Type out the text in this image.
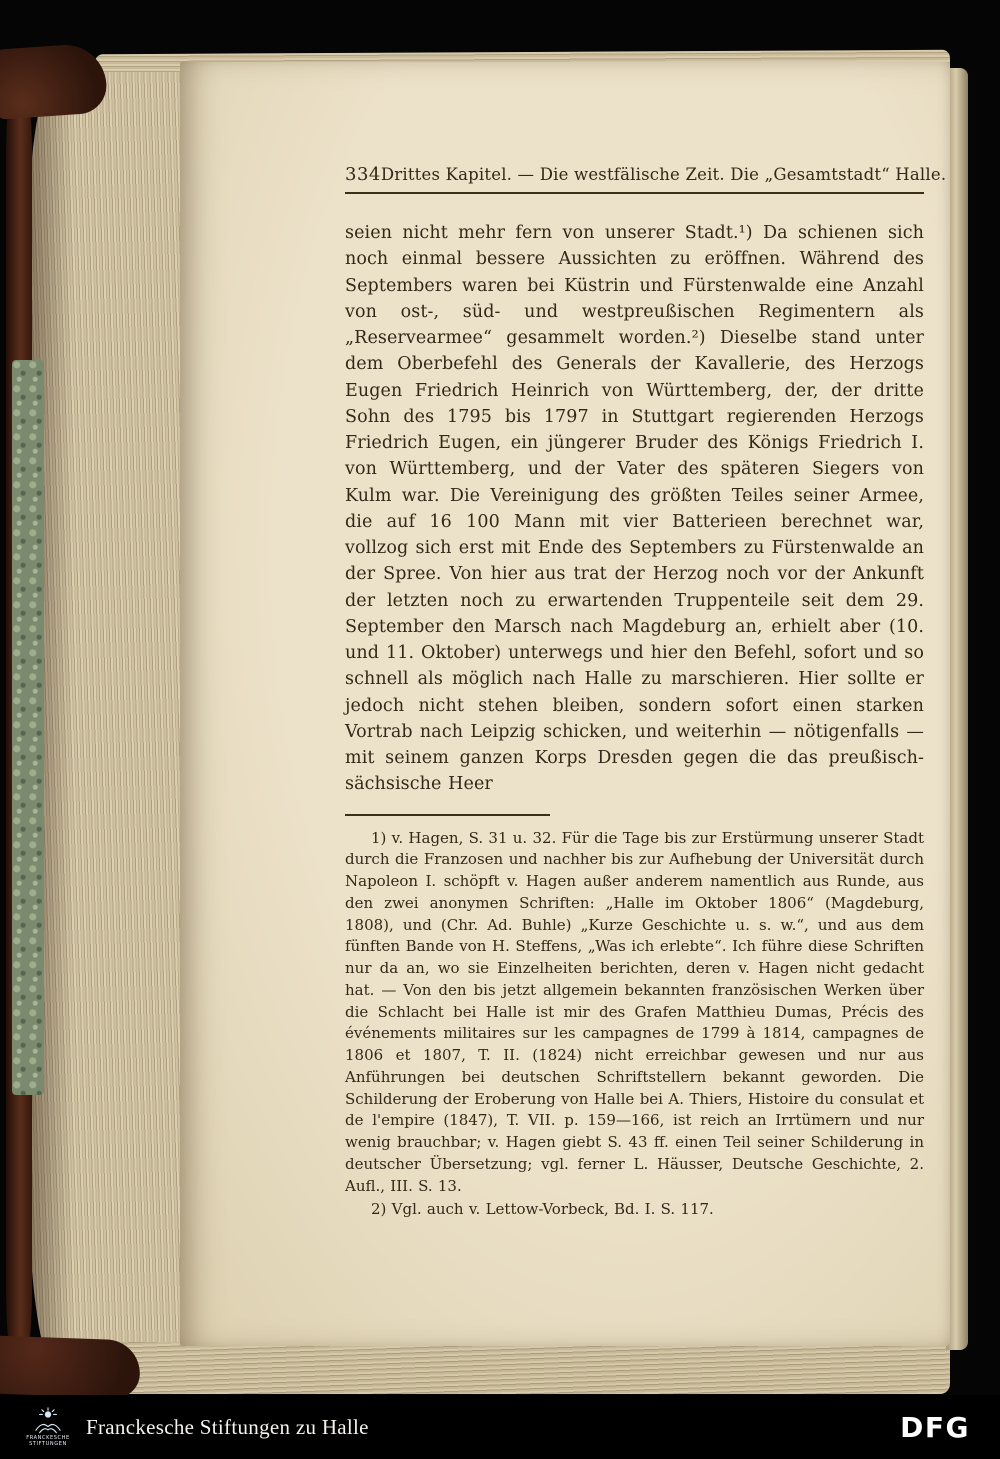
334 Drittes Kapitel. — Die westfälische Zeit. Die „Gesamtstadt“ Halle.

seien nicht mehr fern von unserer Stadt.¹) Da schienen sich noch einmal bessere Aussichten zu eröffnen. Während des Septembers waren bei Küstrin und Fürstenwalde eine Anzahl von ost-, süd- und westpreußischen Regimentern als „Reservearmee“ gesammelt worden.²) Dieselbe stand unter dem Oberbefehl des Generals der Kavallerie, des Herzogs Eugen Friedrich Heinrich von Württemberg, der, der dritte Sohn des 1795 bis 1797 in Stuttgart regierenden Herzogs Friedrich Eugen, ein jüngerer Bruder des Königs Friedrich I. von Württemberg, und der Vater des späteren Siegers von Kulm war. Die Vereinigung des größten Teiles seiner Armee, die auf 16 100 Mann mit vier Batterieen berechnet war, vollzog sich erst mit Ende des Septembers zu Fürstenwalde an der Spree. Von hier aus trat der Herzog noch vor der Ankunft der letzten noch zu erwartenden Truppenteile seit dem 29. September den Marsch nach Magdeburg an, erhielt aber (10. und 11. Oktober) unterwegs und hier den Befehl, sofort und so schnell als möglich nach Halle zu marschieren. Hier sollte er jedoch nicht stehen bleiben, sondern sofort einen starken Vortrab nach Leipzig schicken, und weiterhin — nötigenfalls — mit seinem ganzen Korps Dresden gegen die das preußisch-sächsische Heer

1) v. Hagen, S. 31 u. 32. Für die Tage bis zur Erstürmung unserer Stadt durch die Franzosen und nachher bis zur Aufhebung der Universität durch Napoleon I. schöpft v. Hagen außer anderem namentlich aus Runde, aus den zwei anonymen Schriften: „Halle im Oktober 1806“ (Magdeburg, 1808), und (Chr. Ad. Buhle) „Kurze Geschichte u. s. w.“, und aus dem fünften Bande von H. Steffens, „Was ich erlebte“. Ich führe diese Schriften nur da an, wo sie Einzelheiten berichten, deren v. Hagen nicht gedacht hat. — Von den bis jetzt allgemein bekannten französischen Werken über die Schlacht bei Halle ist mir des Grafen Matthieu Dumas, Précis des événements militaires sur les campagnes de 1799 à 1814, campagnes de 1806 et 1807, T. II. (1824) nicht erreichbar gewesen und nur aus Anführungen bei deutschen Schriftstellern bekannt geworden. Die Schilderung der Eroberung von Halle bei A. Thiers, Histoire du consulat et de l'empire (1847), T. VII. p. 159—166, ist reich an Irrtümern und nur wenig brauchbar; v. Hagen giebt S. 43 ff. einen Teil seiner Schilderung in deutscher Übersetzung; vgl. ferner L. Häusser, Deutsche Geschichte, 2. Aufl., III. S. 13.

2) Vgl. auch v. Lettow-Vorbeck, Bd. I. S. 117.

FRANCKESCHE
STIFTUNGEN
Franckesche Stiftungen zu Halle	DFG
